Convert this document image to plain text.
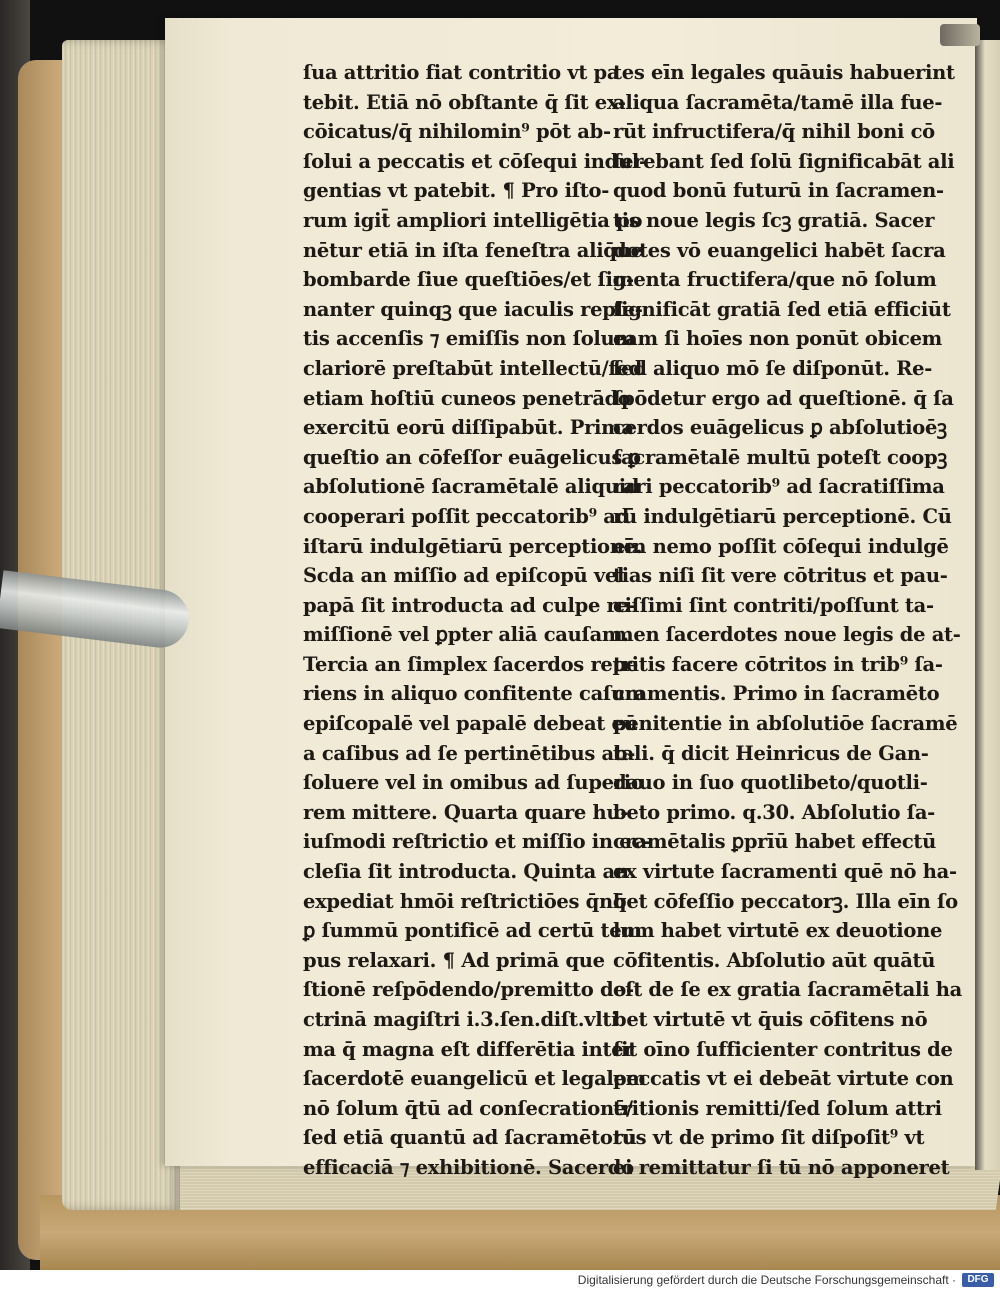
ſua attritio fiat contritio vt pa
tebit. Etiā nō obſtante q̄ ſit ex-
cōicatus/q̄ nihilomin⁹ pōt ab-
ſolui a peccatis et cōſequi indul-
gentias vt patebit. ¶ Pro iſto-
rum igit̄ ampliori intelligētia po
nētur etiā in iſta feneſtra aliq̄ue
bombarde ſiue queſtiōes/et ſig-
nanter quinqꝫ que iaculis reple-
tis accenſis ⁊ emiſſis non ſolum
clariorē preſtabūt intellectū/ſed
etiam hoſtiū cuneos penetrādo
exercitū eorū diſſipabūt. Prima
queſtio an cōfeſſor euāgelicus ꝑ
abſolutionē ſacramētalē aliquid
cooperari poſſit peccatorib⁹ ad
iſtarū indulgētiarū perceptionē.
Scda an miſſio ad epiſcopū vel
papā ſit introducta ad culpe re-
miſſionē vel ꝑpter aliā cauſam.
Tercia an ſimplex ſacerdos repe
riens in aliquo confitente caſum
epiſcopalē vel papalē debeat eū
a caſibus ad ſe pertinētibus ab-
ſoluere vel in omibus ad ſuperio
rem mittere. Quarta quare hu-
iuſmodi reſtrictio et miſſio in ec-
cleſia ſit introducta. Quinta an
expediat hmōi reſtrictiōes q̄nq̄
ꝑ ſummū pontificē ad certū tem
pus relaxari. ¶ Ad primā que
ſtionē reſpōdendo/premitto do-
ctrinā magiſtri i.3.ſen.diſt.vlti
ma q̄ magna eſt differētia inter
ſacerdotē euangelicū et legalem
nō ſolum q̄tū ad conſecrationē/
ſed etiā quantū ad ſacramētorū
efficaciā ⁊ exhibitionē. Sacerdo
tes eīn legales quāuis habuerint
aliqua ſacramēta/tamē illa fue-
rūt infructifera/q̄ nihil boni cō
ferebant ſed ſolū ſignificabāt ali
quod bonū futurū in ſacramen-
tis noue legis ſcꝫ gratiā. Sacer
dotes vō euangelici habēt ſacra
menta fructifera/que nō ſolum
ſignificāt gratiā ſed etiā efficiūt
eam ſi hoīes non ponūt obicem
ſed aliquo mō ſe diſponūt. Re-
ſpōdetur ergo ad queſtionē. q̄ ſa
cerdos euāgelicus ꝑ abſolutioēꝫ
ſacramētalē multū poteſt coopꝫ
rari peccatorib⁹ ad ſacratiſſima
rū indulgētiarū perceptionē. Cū
eīn nemo poſſit cōſequi indulgē
tias niſi ſit vere cōtritus et pau-
ciſſimi ſint contriti/poſſunt ta-
men ſacerdotes noue legis de at-
tritis facere cōtritos in trib⁹ ſa-
cramentis. Primo in ſacramēto
penitentie in abſolutiōe ſacramē
tali. q̄ dicit Heinricus de Gan-
dauo in ſuo quotlibeto/quotli-
beto primo. q.30. Abſolutio ſa-
cramētalis ꝑprīū habet effectū
ex virtute ſacramenti quē nō ha-
bet cōfeſſio peccatorꝫ. Illa eīn ſo
lum habet virtutē ex deuotione
cōfitentis. Abſolutio aūt quātū
eſt de ſe ex gratia ſacramētali ha
bet virtutē vt q̄uis cōfitens nō
ſit oīno ſufficienter contritus de
peccatis vt ei debeāt virtute con
tritionis remitti/ſed ſolum attri
tus vt de primo ſit diſpoſit⁹ vt
ei remittatur ſi tū nō apponeret
Digitalisierung gefördert durch die Deutsche Forschungsgemeinschaft ·	DFG
